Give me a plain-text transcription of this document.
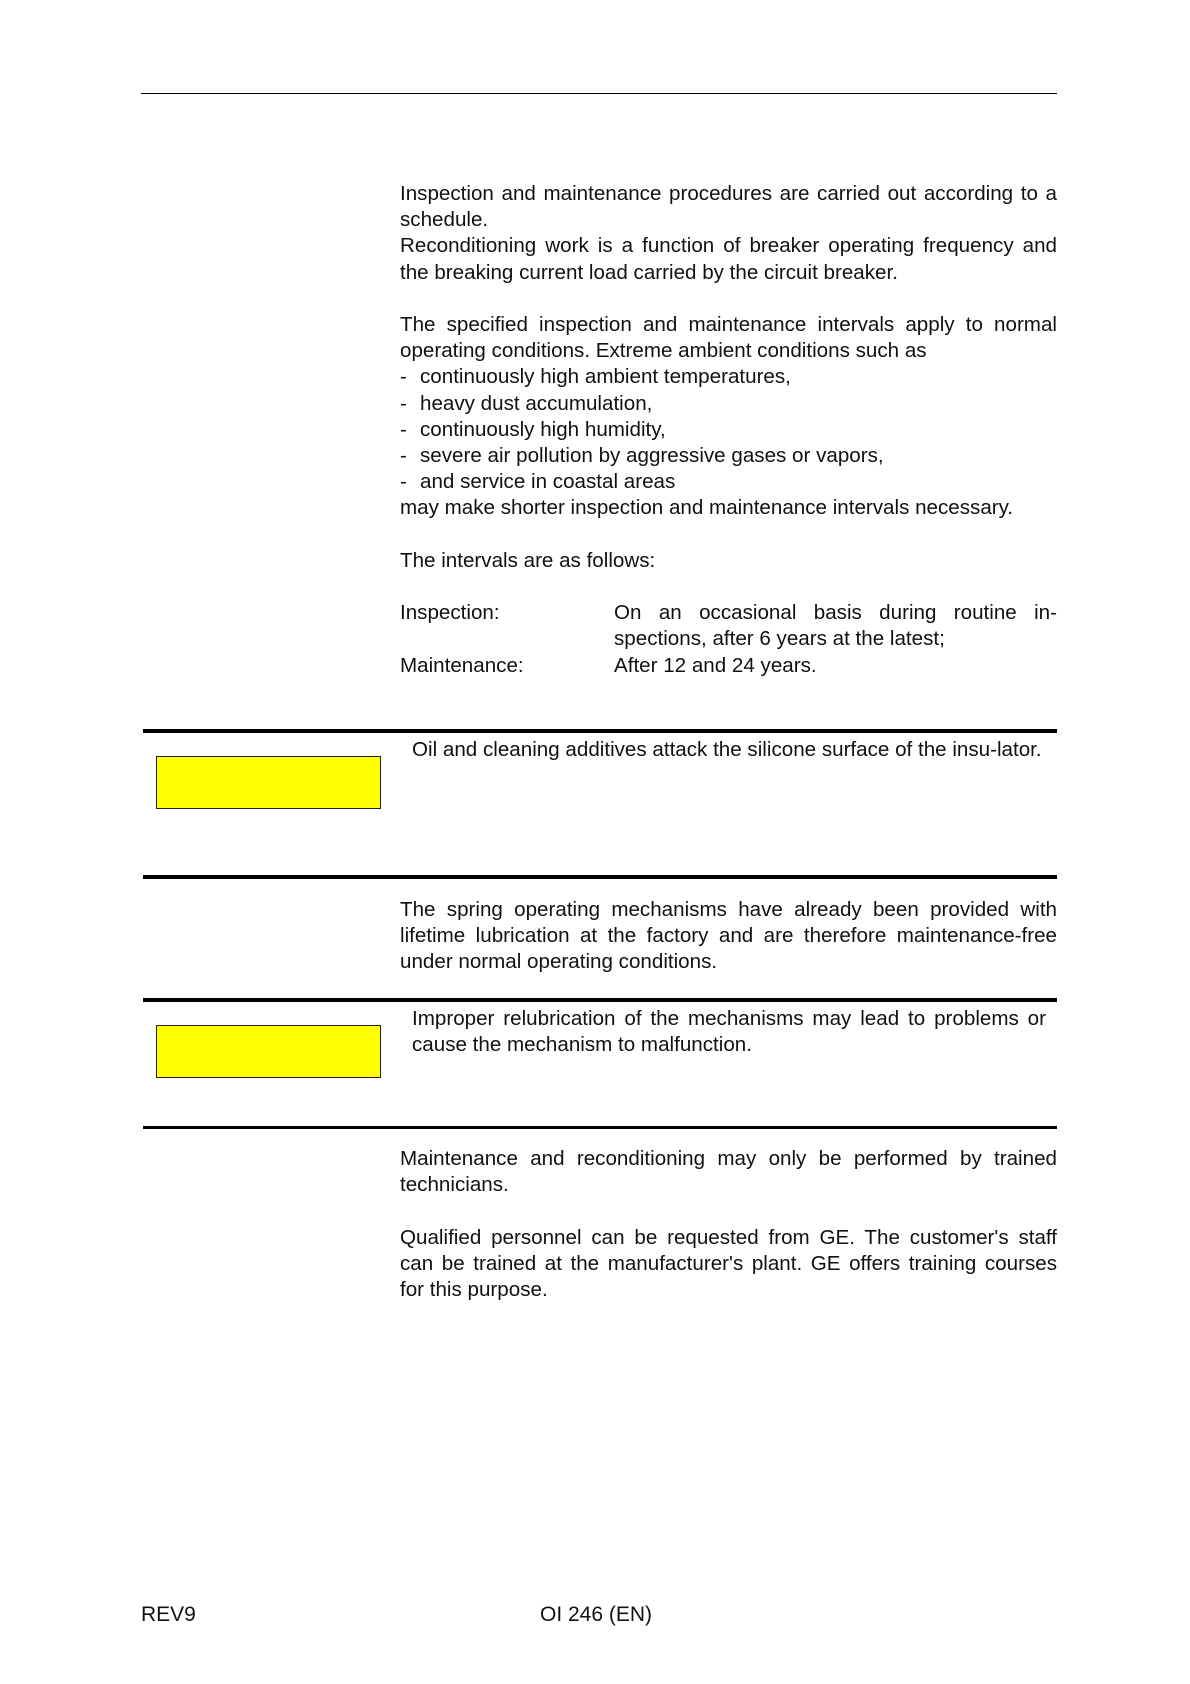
Inspection and maintenance procedures are carried out according to a schedule.

Reconditioning work is a function of breaker operating frequency and the breaking current load carried by the circuit breaker.

The specified inspection and maintenance intervals apply to normal operating conditions. Extreme ambient conditions such as

- continuously high ambient temperatures,
- heavy dust accumulation,
- continuously high humidity,
- severe air pollution by aggressive gases or vapors,
- and service in coastal areas

may make shorter inspection and maintenance intervals necessary.

The intervals are as follows:

Inspection:	On an occasional basis during routine in-spections, after 6 years at the latest;
Maintenance:	After 12 and 24 years.
Oil and cleaning additives attack the silicone surface of the insu-lator.

The spring operating mechanisms have already been provided with lifetime lubrication at the factory and are therefore maintenance-free under normal operating conditions.

Improper relubrication of the mechanisms may lead to problems or cause the mechanism to malfunction.

Maintenance and reconditioning may only be performed by trained technicians.

Qualified personnel can be requested from GE. The customer's staff can be trained at the manufacturer's plant. GE offers training courses for this purpose.

REV9	OI 246 (EN)
